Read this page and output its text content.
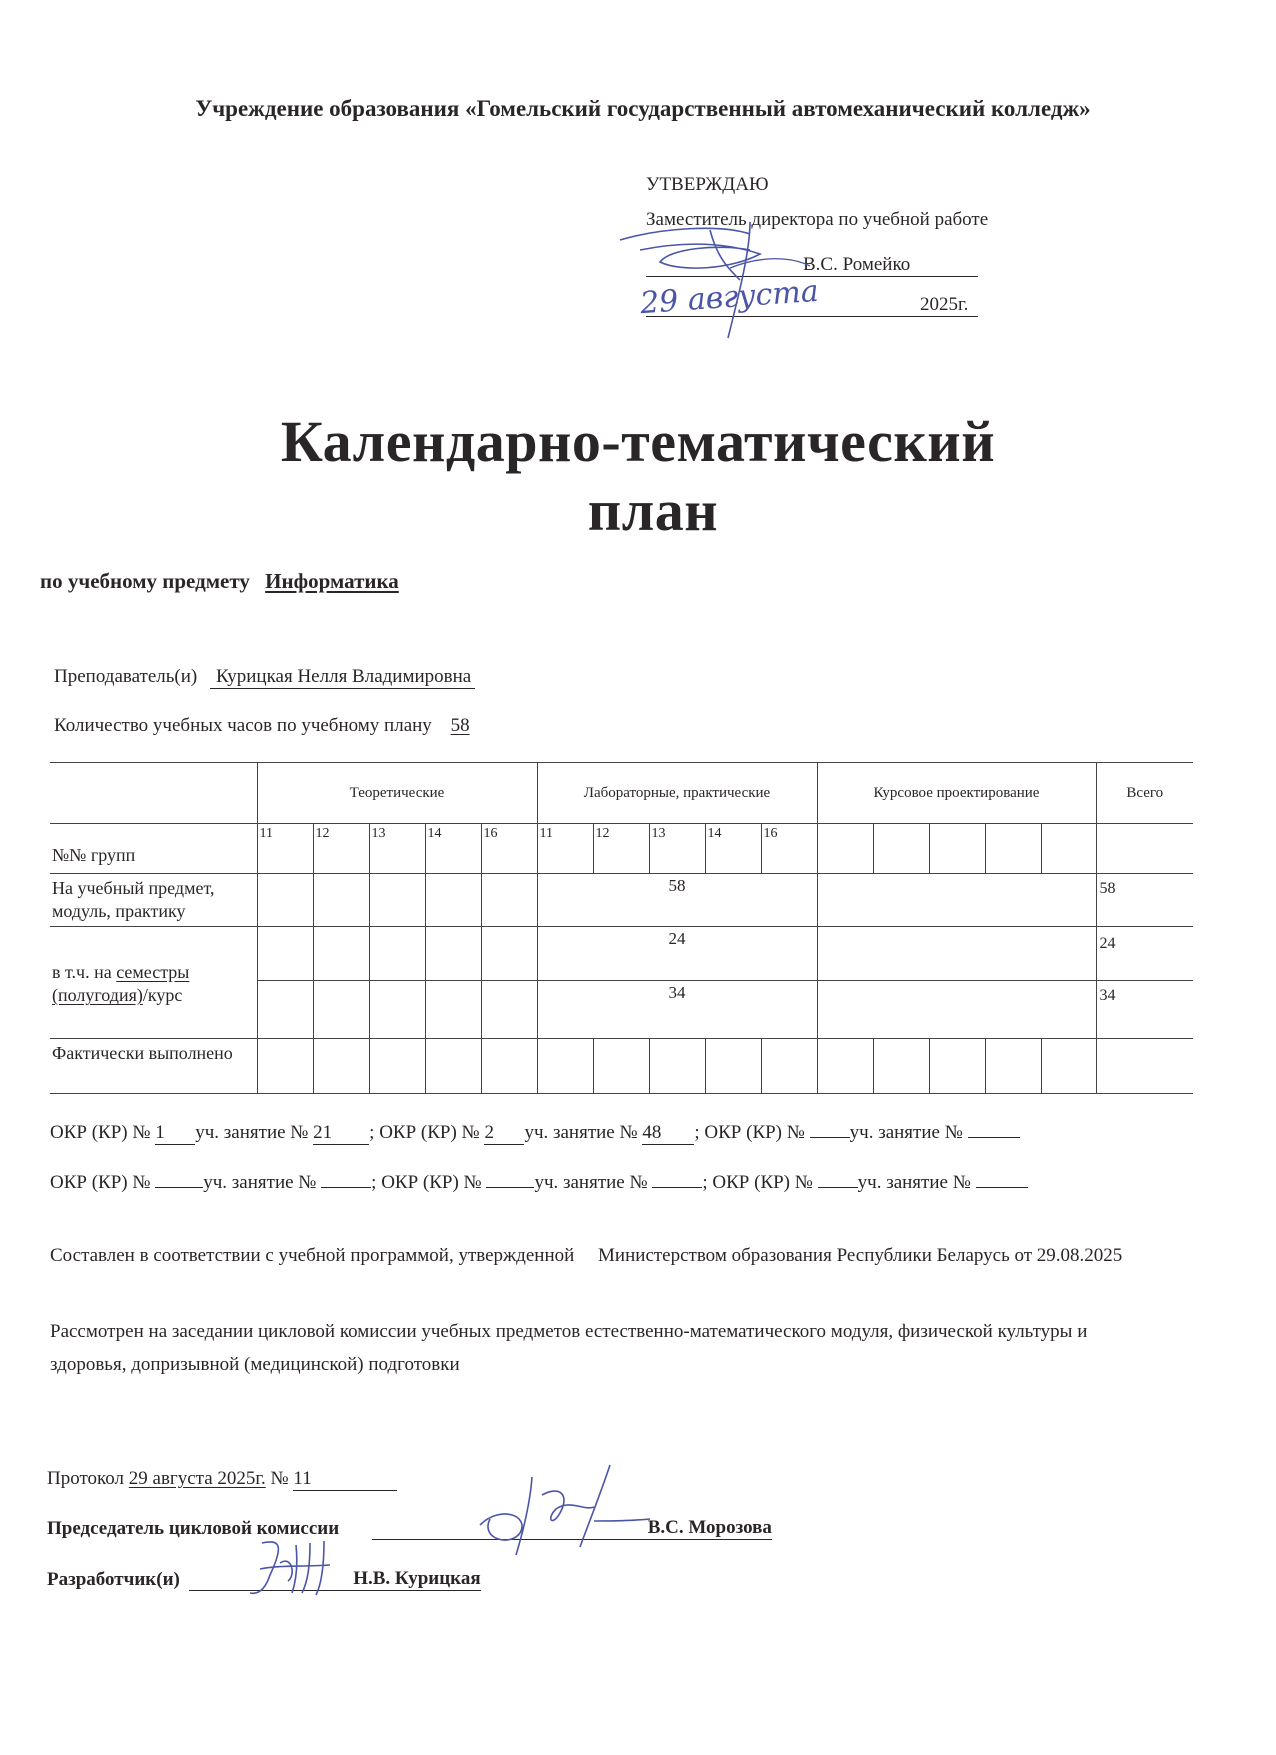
Учреждение образования «Гомельский государственный автомеханический колледж»
УТВЕРЖДАЮ
Заместитель директора по учебной работе
В.С. Ромейко
2025г.
29 августа
Календарно-тематический
план
по учебному предмету Информатика
Преподаватель(и) Курицкая Нелля Владимировна
Количество учебных часов по учебному плану 58
	Теоретические					Лабораторные, практические					Курсовое проектирование					Всего
№№ групп	11	12	13	14	16	11	12	13	14	16						
На учебный предмет, модуль, практику						58										58
в т.ч. на семестры
(полугодия)/курс						24										24
						34										34
Фактически выполнено																
ОКР (КР) № 1 уч. занятие № 21 ; ОКР (КР) № 2 уч. занятие № 48 ; ОКР (КР) № уч. занятие №
ОКР (КР) №	уч. занятие №	; ОКР (КР) №	уч. занятие №	; ОКР (КР) № уч. занятие №
Составлен в соответствии с учебной программой, утвержденной     Министерством образования Республики Беларусь от 29.08.2025
Рассмотрен на заседании цикловой комиссии учебных предметов естественно-математического модуля, физической культуры и здоровья, допризывной (медицинской) подготовки
Протокол 29 августа 2025г. № 11
Председатель цикловой комиссии	В.С. Морозова
Разработчик(и)	Н.В. Курицкая
